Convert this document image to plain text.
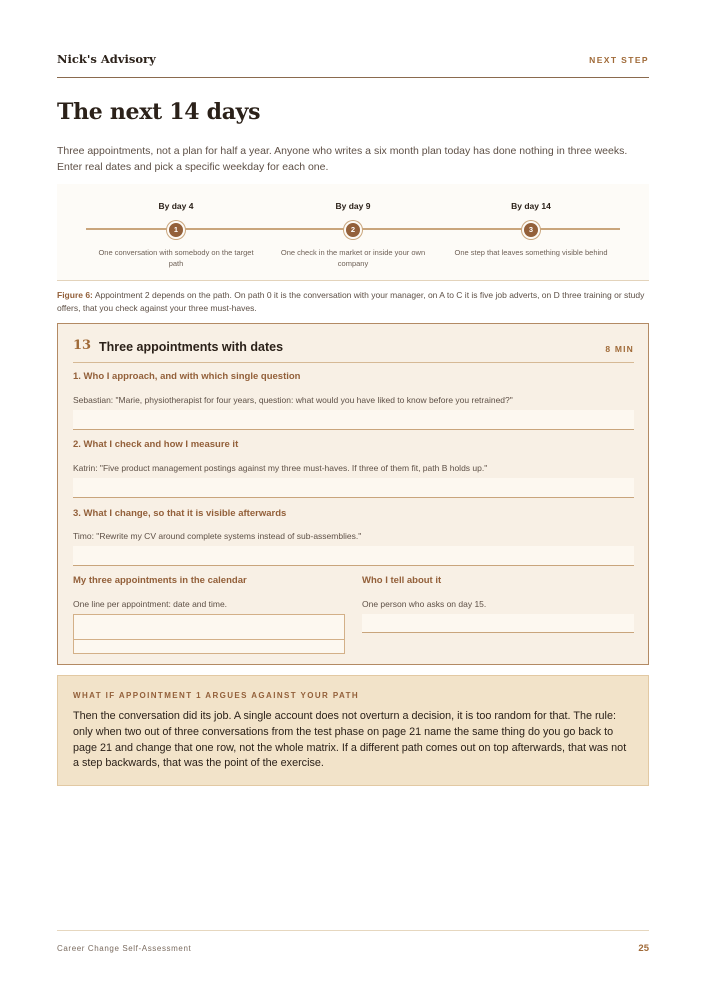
Nick's Advisory	NEXT STEP
The next 14 days

Three appointments, not a plan for half a year. Anyone who writes a six month plan today has done nothing in three weeks. Enter real dates and pick a specific weekday for each one.

By day 4
1
One conversation with somebody on the target path
By day 9
2
One check in the market or inside your own company
By day 14
3
One step that leaves something visible behind

Figure 6: Appointment 2 depends on the path. On path 0 it is the conversation with your manager, on A to C it is five job adverts, on D three training or study offers, that you check against your three must-haves.

13 Three appointments with dates	8 MIN
1. Who I approach, and with which single question
Sebastian: "Marie, physiotherapist for four years, question: what would you have liked to know before you retrained?"
2. What I check and how I measure it
Katrin: "Five product management postings against my three must-haves. If three of them fit, path B holds up."
3. What I change, so that it is visible afterwards
Timo: "Rewrite my CV around complete systems instead of sub-assemblies."
My three appointments in the calendar
One line per appointment: date and time.
Who I tell about it
One person who asks on day 15.
WHAT IF APPOINTMENT 1 ARGUES AGAINST YOUR PATH

Then the conversation did its job. A single account does not overturn a decision, it is too random for that. The rule: only when two out of three conversations from the test phase on page 21 name the same thing do you go back to page 21 and change that one row, not the whole matrix. If a different path comes out on top afterwards, that was not a step backwards, that was the point of the exercise.

Career Change Self-Assessment	25
